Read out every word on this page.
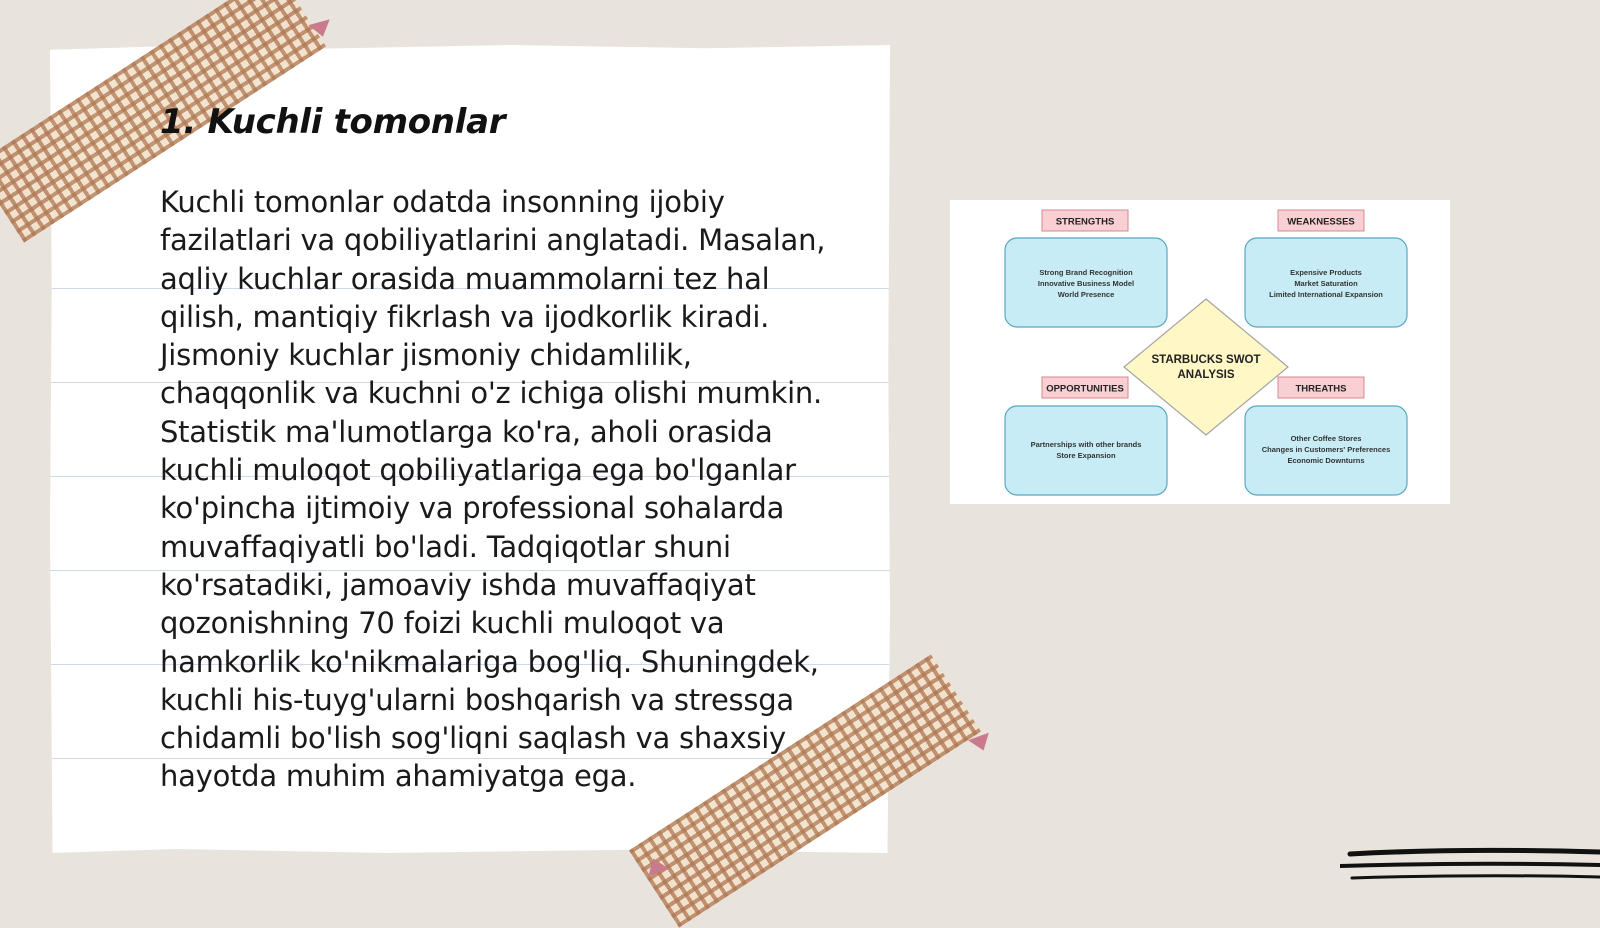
1. Kuchli tomonlar

Kuchli tomonlar odatda insonning ijobiy fazilatlari va qobiliyatlarini anglatadi. Masalan, aqliy kuchlar orasida muammolarni tez hal qilish, mantiqiy fikrlash va ijodkorlik kiradi. Jismoniy kuchlar jismoniy chidamlilik, chaqqonlik va kuchni o'z ichiga olishi mumkin. Statistik ma'lumotlarga ko'ra, aholi orasida kuchli muloqot qobiliyatlariga ega bo'lganlar ko'pincha ijtimoiy va professional sohalarda muvaffaqiyatli bo'ladi. Tadqiqotlar shuni ko'rsatadiki, jamoaviy ishda muvaffaqiyat qozonishning 70 foizi kuchli muloqot va hamkorlik ko'nikmalariga bog'liq. Shuningdek, kuchli his-tuyg'ularni boshqarish va stressga chidamli bo'lish sog'liqni saqlash va shaxsiy hayotda muhim ahamiyatga ega.

STRENGTHS
Strong Brand Recognition
Innovative Business Model
World Presence
WEAKNESSES
Expensive Products
Market Saturation
Limited International Expansion
STARBUCKS SWOT
ANALYSIS
OPPORTUNITIES
Partnerships with other brands
Store Expansion
THREATHS
Other Coffee Stores
Changes in Customers' Preferences
Economic Downturns
